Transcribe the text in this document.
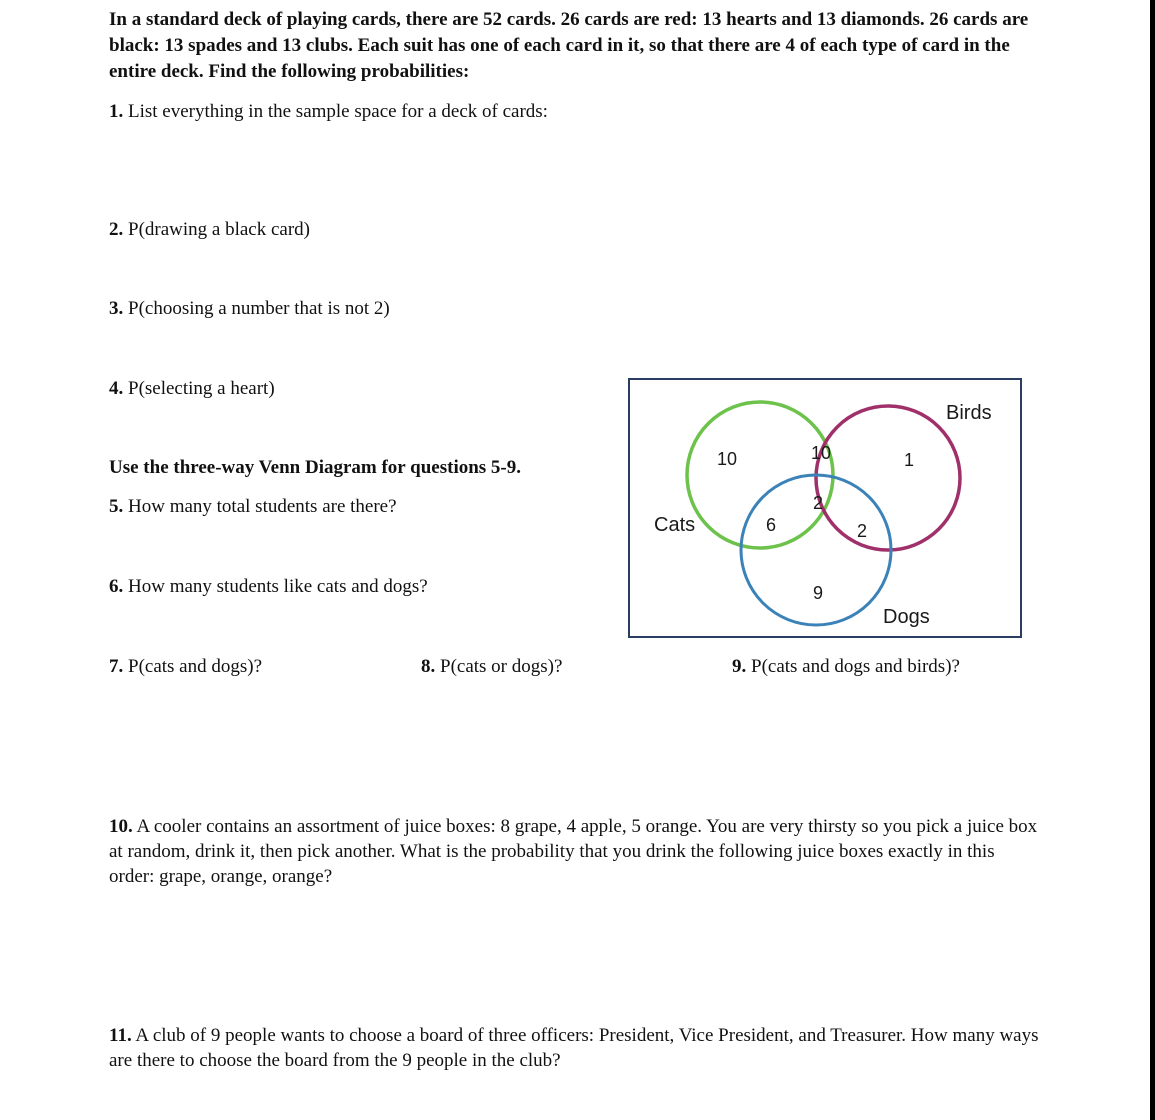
In a standard deck of playing cards, there are 52 cards. 26 cards are red: 13 hearts and 13 diamonds. 26 cards are black: 13 spades and 13 clubs. Each suit has one of each card in it, so that there are 4 of each type of card in the entire deck. Find the following probabilities:
1. List everything in the sample space for a deck of cards:
2. P(drawing a black card)
3. P(choosing a number that is not 2)
4. P(selecting a heart)
Use the three-way Venn Diagram for questions 5-9.
5. How many total students are there?
6. How many students like cats and dogs?
7. P(cats and dogs)?	8. P(cats or dogs)?	9. P(cats and dogs and birds)?
10. A cooler contains an assortment of juice boxes: 8 grape, 4 apple, 5 orange. You are very thirsty so you pick a juice box at random, drink it, then pick another. What is the probability that you drink the following juice boxes exactly in this order: grape, orange, orange?
11. A club of 9 people wants to choose a board of three officers: President, Vice President, and Treasurer. How many ways are there to choose the board from the 9 people in the club?
Cats
Birds
Dogs
10	10	1
2
6	2
9
